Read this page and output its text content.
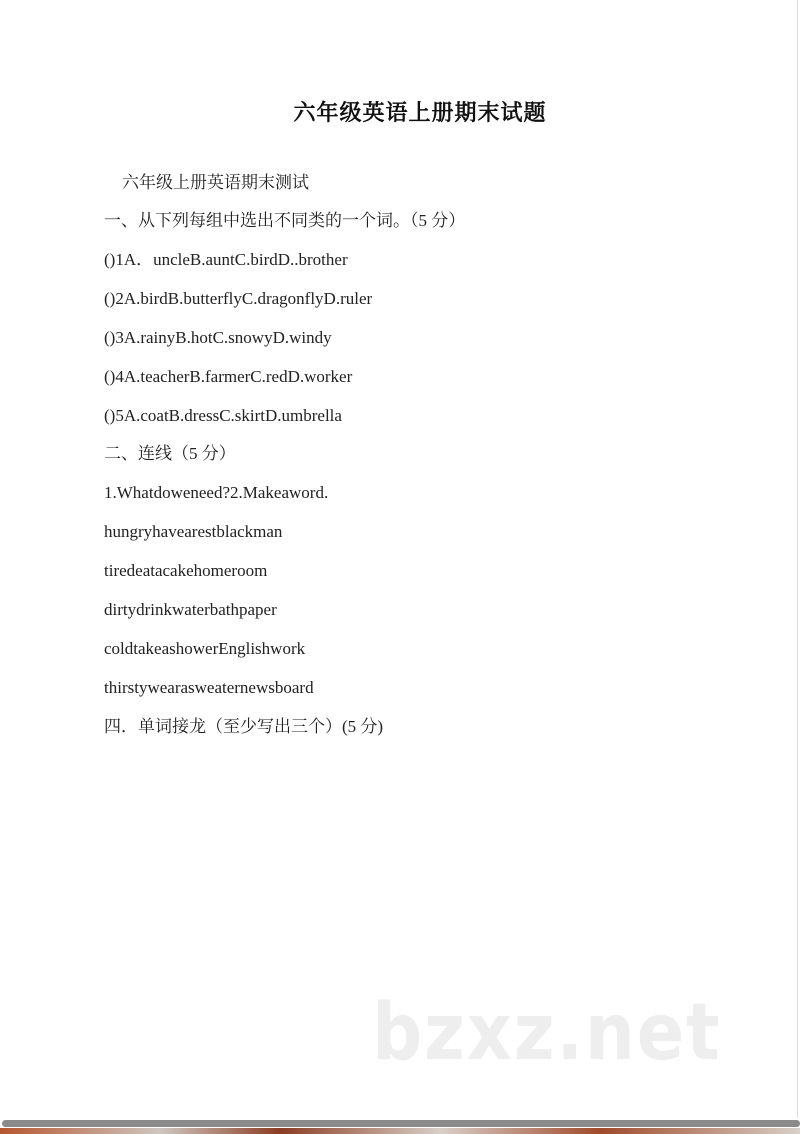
六年级英语上册期末试题
六年级上册英语期末测试
一、从下列每组中选出不同类的一个词。（5 分）
()1A．uncleB.auntC.birdD..brother
()2A.birdB.butterflyC.dragonflyD.ruler
()3A.rainyB.hotC.snowyD.windy
()4A.teacherB.farmerC.redD.worker
()5A.coatB.dressC.skirtD.umbrella
二、连线（5 分）
1.Whatdoweneed?2.Makeaword.
hungryhavearestblackman
tiredeatacakehomeroom
dirtydrinkwaterbathpaper
coldtakeashowerEnglishwork
thirstywearasweaternewsboard
四．单词接龙（至少写出三个）(5 分)
bzxz.net
